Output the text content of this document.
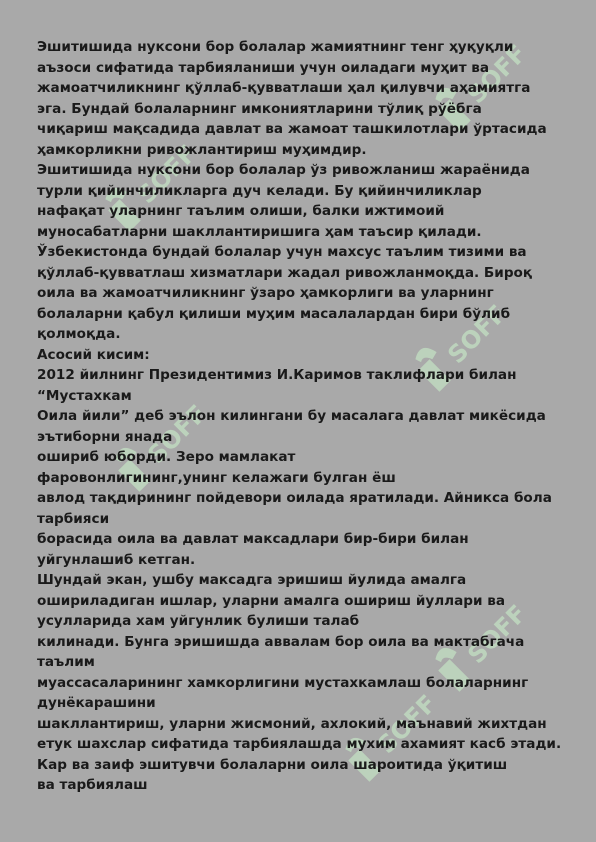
SOFF
SOFF
SOFF
SOFF
SOFF
SOFF
Эшитишида нуксони бор болалар жамиятнинг тенг ҳуқуқли
аъзоси сифатида тарбияланиши учун оиладаги муҳит ва
жамоатчиликнинг қўллаб-қувватлаши ҳал қилувчи аҳамиятга
эга. Бундай болаларнинг имкониятларини тўлиқ рўёбга
чиқариш мақсадида давлат ва жамоат ташкилотлари ўртасида
ҳамкорликни ривожлантириш муҳимдир.
Эшитишида нуксони бор болалар ўз ривожланиш жараёнида
турли қийинчиликларга дуч келади. Бу қийинчиликлар
нафақат уларнинг таълим олиши, балки ижтимоий
муносабатларни шакллантиришига ҳам таъсир қилади.
Ўзбекистонда бундай болалар учун махсус таълим тизими ва
қўллаб-қувватлаш хизматлари жадал ривожланмоқда. Бироқ
оила ва жамоатчиликнинг ўзаро ҳамкорлиги ва уларнинг
болаларни қабул қилиши муҳим масалалардан бири бўлиб
қолмоқда.
Асосий кисим:
2012 йилнинг Президентимиз И.Каримов таклифлари билан
“Мустахкам
Оила йили” деб эълон килингани бу масалага давлат микёсида
эътиборни янада
ошириб юборди. Зеро мамлакат
фаровонлигининг,унинг келажаги булган ёш
авлод тақдирининг пойдевори оилада яратилади. Айникса бола
тарбияси
борасида оила ва давлат максадлари бир-бири билан
уйгунлашиб кетган.
Шундай экан, ушбу максадга эришиш йулида амалга
ошириладиган ишлар, уларни амалга ошириш йуллари ва
усулларида хам уйгунлик булиши талаб
килинади. Бунга эришишда аввалам бор оила ва мактабгача
таълим
муассасаларининг хамкорлигини мустахкамлаш болаларнинг
дунёкарашини
шакллантириш, уларни жисмоний, ахлокий, маънавий жихтдан
етук шахслар сифатида тарбиялашда мухим ахамият касб этади.
Кар ва заиф эшитувчи болаларни оила шароитида ўқитиш
ва тарбиялаш
